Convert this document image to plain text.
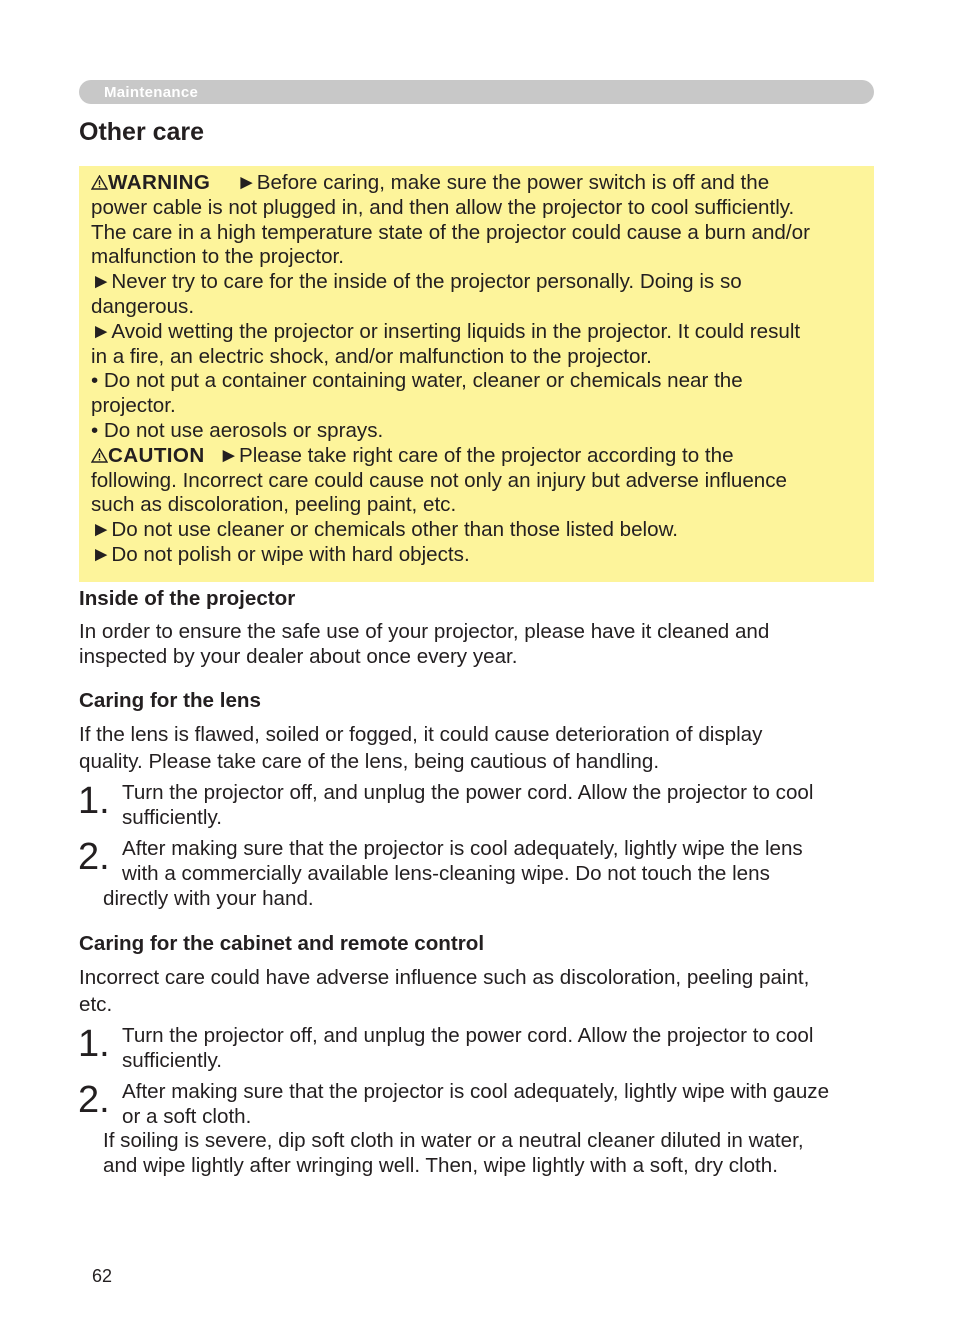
Maintenance
Other care

WARNING ►Before caring, make sure the power switch is off and the

power cable is not plugged in, and then allow the projector to cool sufficiently.

The care in a high temperature state of the projector could cause a burn and/or

malfunction to the projector.

►Never try to care for the inside of the projector personally. Doing is so

dangerous.

►Avoid wetting the projector or inserting liquids in the projector. It could result

in a fire, an electric shock, and/or malfunction to the projector.

• Do not put a container containing water, cleaner or chemicals near the

projector.

• Do not use aerosols or sprays.

CAUTION ►Please take right care of the projector according to the

following. Incorrect care could cause not only an injury but adverse influence

such as discoloration, peeling paint, etc.

►Do not use cleaner or chemicals other than those listed below.

►Do not polish or wipe with hard objects.

Inside of the projector
In order to ensure the safe use of your projector, please have it cleaned and
inspected by your dealer about once every year.
Caring for the lens
If the lens is flawed, soiled or fogged, it could cause deterioration of display
quality. Please take care of the lens, being cautious of handling.
1. Turn the projector off, and unplug the power cord. Allow the projector to cool
sufficiently.
2. After making sure that the projector is cool adequately, lightly wipe the lens
with a commercially available lens-cleaning wipe. Do not touch the lens
directly with your hand.
Caring for the cabinet and remote control
Incorrect care could have adverse influence such as discoloration, peeling paint,
etc.
1. Turn the projector off, and unplug the power cord. Allow the projector to cool
sufficiently.
2. After making sure that the projector is cool adequately, lightly wipe with gauze
or a soft cloth.
If soiling is severe, dip soft cloth in water or a neutral cleaner diluted in water,
and wipe lightly after wringing well. Then, wipe lightly with a soft, dry cloth.
62
